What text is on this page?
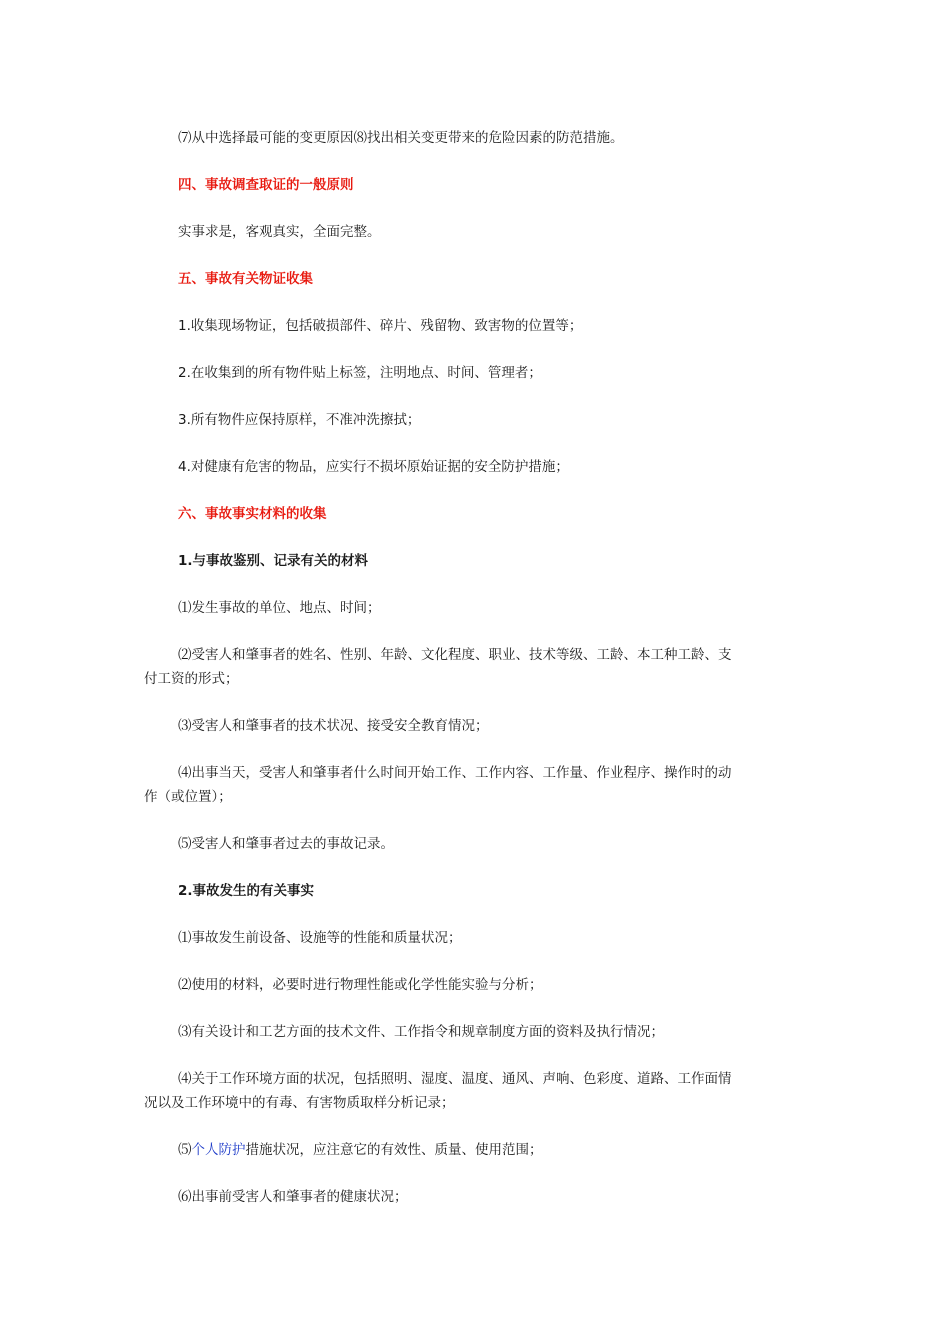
⑺从中选择最可能的变更原因⑻找出相关变更带来的危险因素的防范措施。
四、事故调查取证的一般原则
实事求是，客观真实，全面完整。
五、事故有关物证收集
1.收集现场物证，包括破损部件、碎片、残留物、致害物的位置等；
2.在收集到的所有物件贴上标签，注明地点、时间、管理者；
3.所有物件应保持原样，不准冲洗擦拭；
4.对健康有危害的物品，应实行不损坏原始证据的安全防护措施；
六、事故事实材料的收集
1.与事故鉴别、记录有关的材料
⑴发生事故的单位、地点、时间；
⑵受害人和肇事者的姓名、性别、年龄、文化程度、职业、技术等级、工龄、本工种工龄、支
付工资的形式；
⑶受害人和肇事者的技术状况、接受安全教育情况；
⑷出事当天，受害人和肇事者什么时间开始工作、工作内容、工作量、作业程序、操作时的动
作（或位置）；
⑸受害人和肇事者过去的事故记录。
2.事故发生的有关事实
⑴事故发生前设备、设施等的性能和质量状况；
⑵使用的材料，必要时进行物理性能或化学性能实验与分析；
⑶有关设计和工艺方面的技术文件、工作指令和规章制度方面的资料及执行情况；
⑷关于工作环境方面的状况，包括照明、湿度、温度、通风、声响、色彩度、道路、工作面情
况以及工作环境中的有毒、有害物质取样分析记录；
⑸个人防护措施状况，应注意它的有效性、质量、使用范围；
⑹出事前受害人和肇事者的健康状况；
